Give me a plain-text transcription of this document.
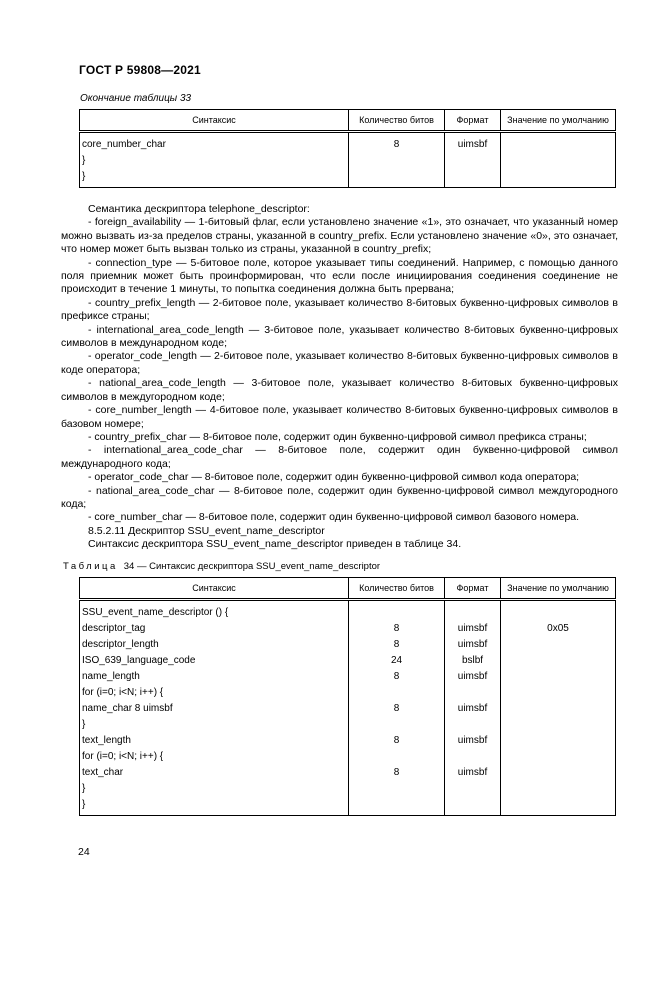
ГОСТ Р 59808—2021
Окончание таблицы 33
Синтаксис	Количество битов	Формат	Значение по умолчанию
core_number_char	8	uimsbf	
}			
}			

Семантика дескриптора telephone_descriptor:

- foreign_availability — 1-битовый флаг, если установлено значение «1», это означает, что указанный номер можно вызвать из-за пределов страны, указанной в country_prefix. Если установлено значение «0», это означает, что номер может быть вызван только из страны, указанной в country_prefix;

- connection_type — 5-битовое поле, которое указывает типы соединений. Например, с помощью данного поля приемник может быть проинформирован, что если после инициирования соединения соединение не происходит в течение 1 минуты, то попытка соединения должна быть прервана;

- country_prefix_length — 2-битовое поле, указывает количество 8-битовых буквенно-цифровых символов в префиксе страны;

- international_area_code_length — 3-битовое поле, указывает количество 8-битовых буквенно-цифровых символов в международном коде;

- operator_code_length — 2-битовое поле, указывает количество 8-битовых буквенно-цифровых символов в коде оператора;

- national_area_code_length — 3-битовое поле, указывает количество 8-битовых буквенно-цифровых символов в междугородном коде;

- core_number_length — 4-битовое поле, указывает количество 8-битовых буквенно-цифровых символов в базовом номере;

- country_prefix_char — 8-битовое поле, содержит один буквенно-цифровой символ префикса страны;

- international_area_code_char — 8-битовое поле, содержит один буквенно-цифровой символ международного кода;

- operator_code_char — 8-битовое поле, содержит один буквенно-цифровой символ кода оператора;

- national_area_code_char — 8-битовое поле, содержит один буквенно-цифровой символ междугородного кода;

- core_number_char — 8-битовое поле, содержит один буквенно-цифровой символ базового номера.

8.5.2.11 Дескриптор SSU_event_name_descriptor

Синтаксис дескриптора SSU_event_name_descriptor приведен в таблице 34.

Таблица 34 — Синтаксис дескриптора SSU_event_name_descriptor
Синтаксис	Количество битов	Формат	Значение по умолчанию
SSU_event_name_descriptor () {			
descriptor_tag	8	uimsbf	0x05
descriptor_length	8	uimsbf	
ISO_639_language_code	24	bslbf	
name_length	8	uimsbf	
for (i=0; i<N; i++) {			
name_char 8 uimsbf	8	uimsbf	
}			
text_length	8	uimsbf	
for (i=0; i<N; i++) {			
text_char	8	uimsbf	
}			
}			
24
